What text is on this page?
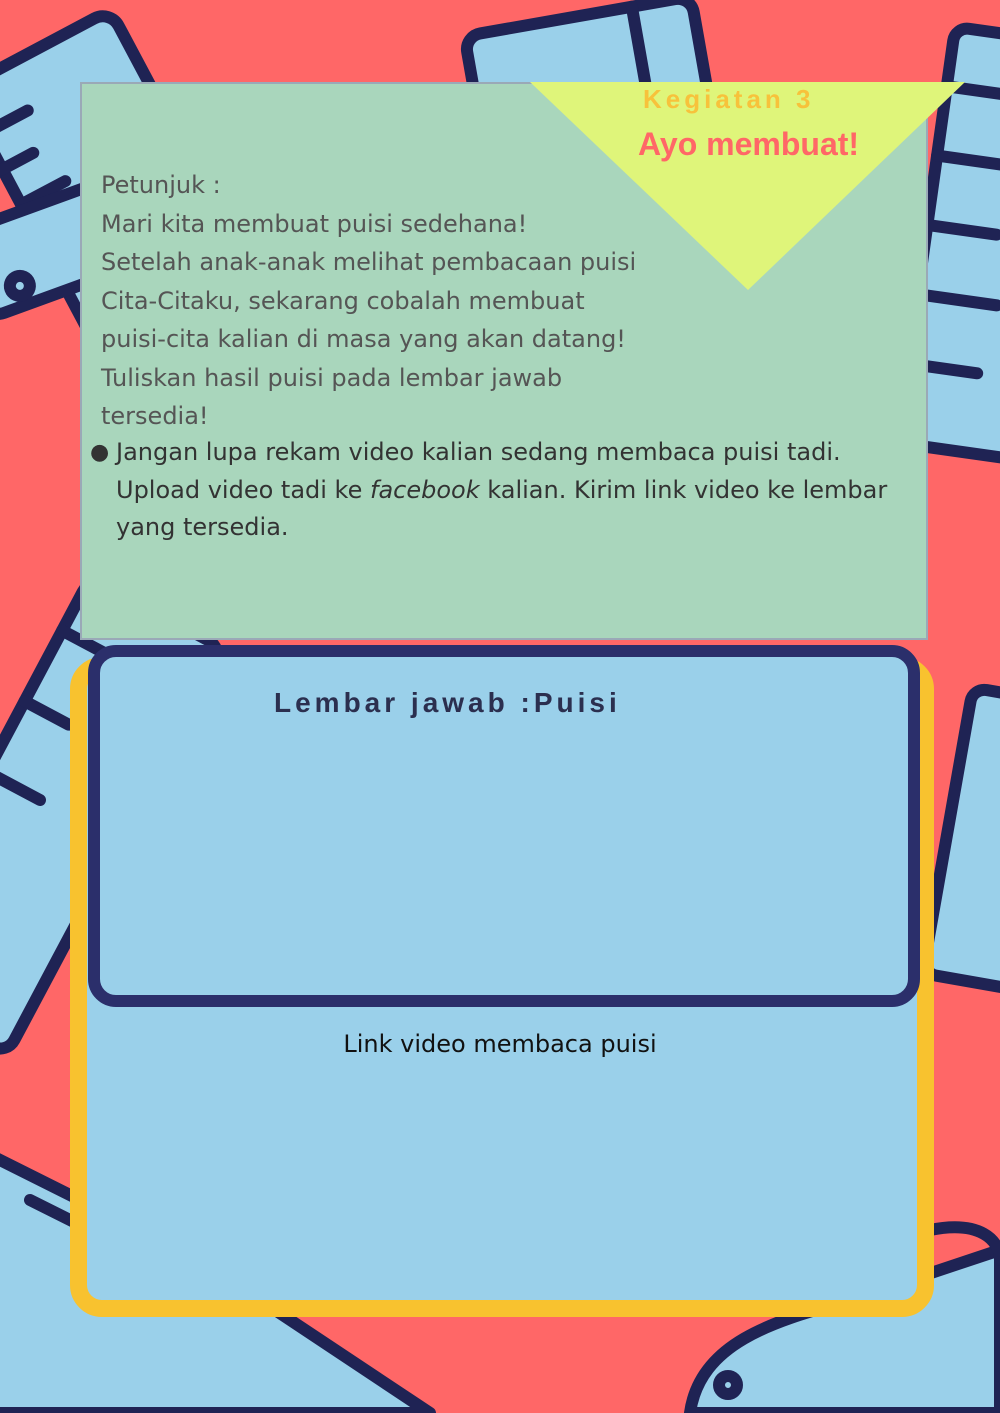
Kegiatan 3
Ayo membuat!
Petunjuk :
Mari kita membuat puisi sedehana!
Setelah anak-anak melihat pembacaan puisi
Cita-Citaku, sekarang cobalah membuat
puisi-cita kalian di masa yang akan datang!
Tuliskan hasil puisi pada lembar jawab
tersedia!
● Jangan lupa rekam video kalian sedang membaca puisi tadi.
Upload video tadi ke facebook kalian. Kirim link video ke lembar
yang tersedia.
Lembar jawab :Puisi
Link video membaca puisi
